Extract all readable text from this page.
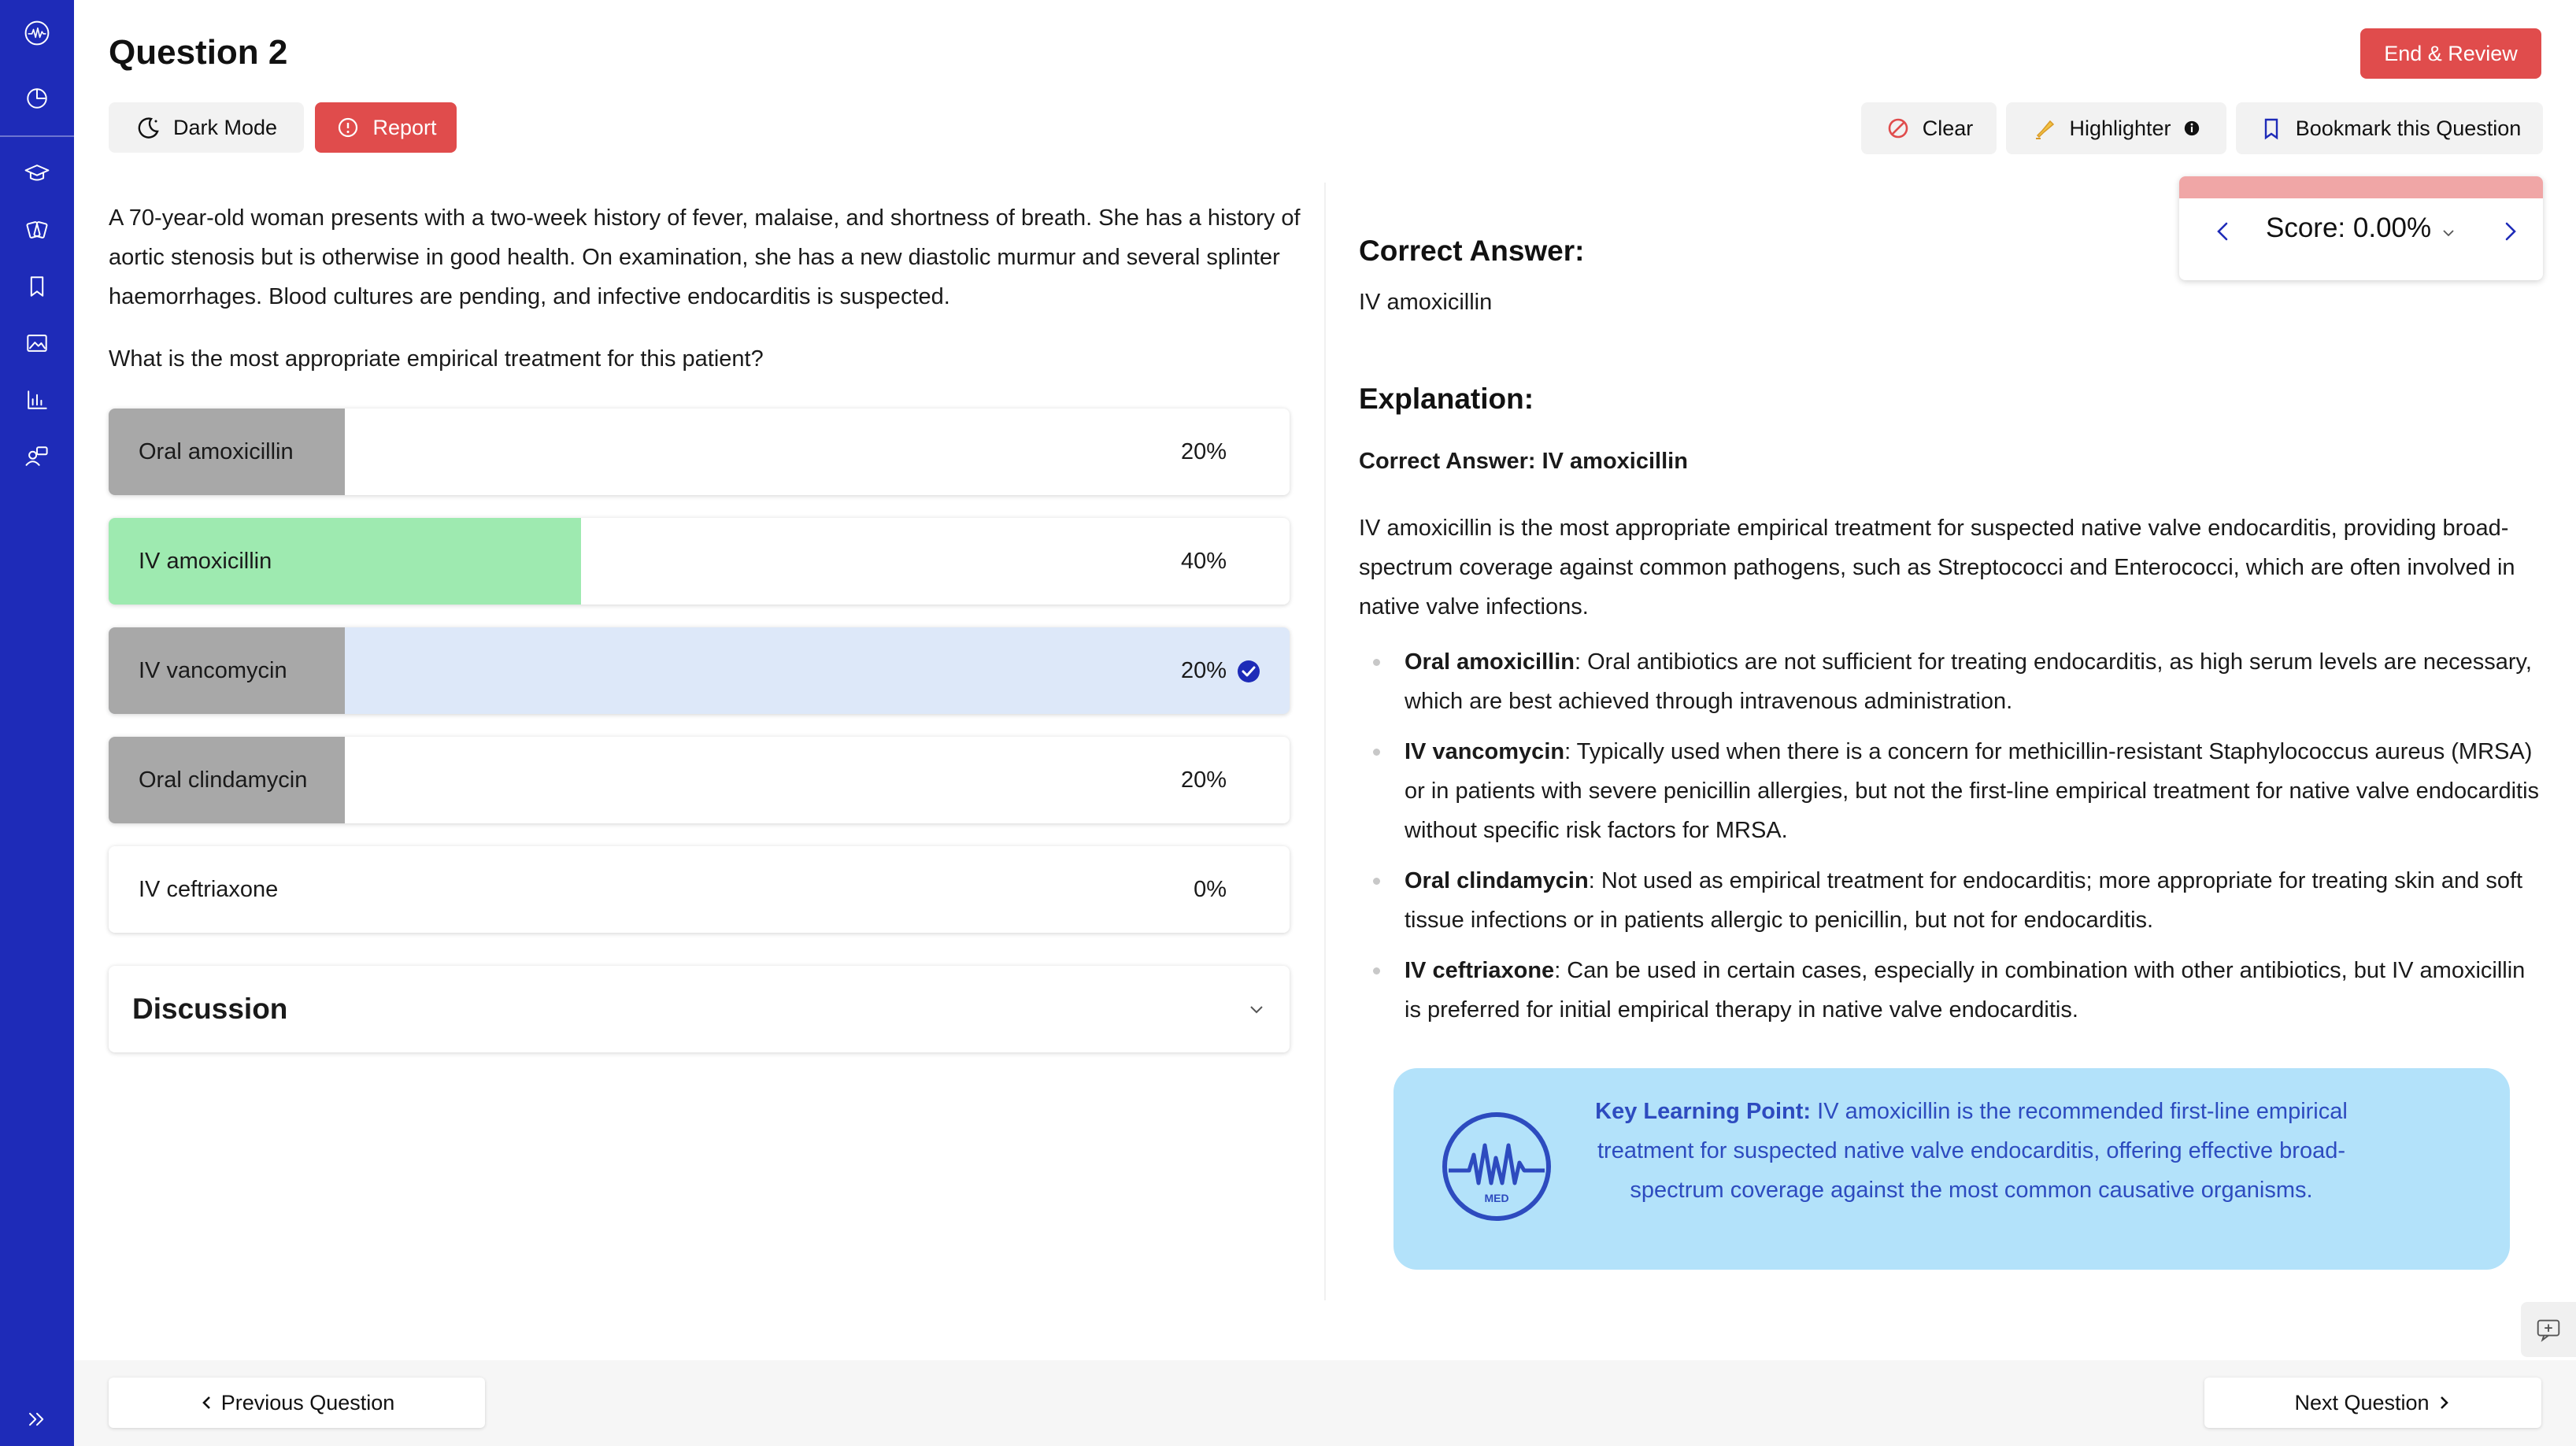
Question 2
Dark Mode	Report
End & Review
Clear	Highlighter	Bookmark this Question

A 70-year-old woman presents with a two-week history of fever, malaise, and shortness of breath. She has a history of aortic stenosis but is otherwise in good health. On examination, she has a new diastolic murmur and several splinter haemorrhages. Blood cultures are pending, and infective endocarditis is suspected.

What is the most appropriate empirical treatment for this patient?

Oral amoxicillin	20%
IV amoxicillin	40%
IV vancomycin	20%
Oral clindamycin	20%
IV ceftriaxone	0%
Discussion
Score: 0.00%
Correct Answer:

IV amoxicillin

Explanation:

Correct Answer: IV amoxicillin

IV amoxicillin is the most appropriate empirical treatment for suspected native valve endocarditis, providing broad-spectrum coverage against common pathogens, such as Streptococci and Enterococci, which are often involved in native valve infections.

Oral amoxicillin: Oral antibiotics are not sufficient for treating endocarditis, as high serum levels are necessary, which are best achieved through intravenous administration.
IV vancomycin: Typically used when there is a concern for methicillin-resistant Staphylococcus aureus (MRSA) or in patients with severe penicillin allergies, but not the first-line empirical treatment for native valve endocarditis without specific risk factors for MRSA.
Oral clindamycin: Not used as empirical treatment for endocarditis; more appropriate for treating skin and soft tissue infections or in patients allergic to penicillin, but not for endocarditis.
IV ceftriaxone: Can be used in certain cases, especially in combination with other antibiotics, but IV amoxicillin is preferred for initial empirical therapy in native valve endocarditis.
MED

Key Learning Point: IV amoxicillin is the recommended first-line empirical treatment for suspected native valve endocarditis, offering effective broad-spectrum coverage against the most common causative organisms.

Previous Question	Next Question
